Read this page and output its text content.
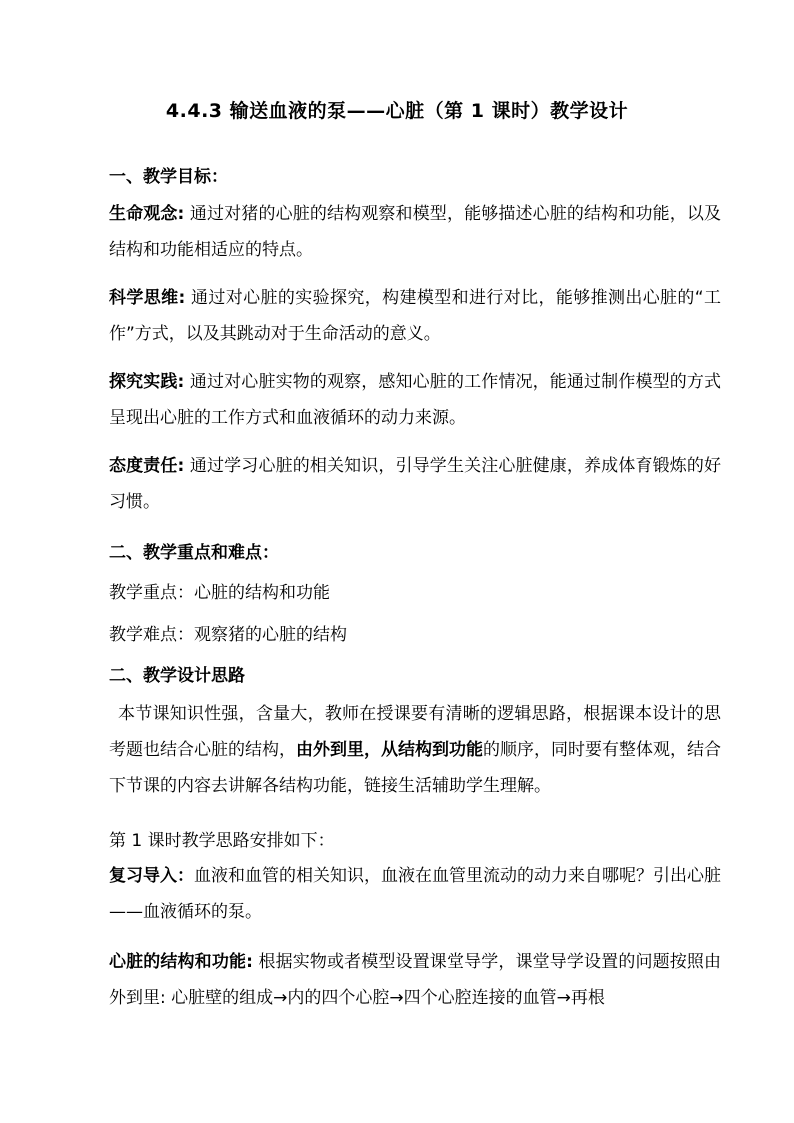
4.4.3 输送血液的泵——心脏（第 1 课时）教学设计
一、教学目标：
生命观念: 通过对猪的心脏的结构观察和模型，能够描述心脏的结构和功能，以及结构和功能相适应的特点。
科学思维: 通过对心脏的实验探究，构建模型和进行对比，能够推测出心脏的“工作”方式，以及其跳动对于生命活动的意义。
探究实践: 通过对心脏实物的观察，感知心脏的工作情况，能通过制作模型的方式呈现出心脏的工作方式和血液循环的动力来源。
态度责任: 通过学习心脏的相关知识，引导学生关注心脏健康，养成体育锻炼的好习惯。
二、教学重点和难点：
教学重点：心脏的结构和功能
教学难点：观察猪的心脏的结构
二、教学设计思路
本节课知识性强，含量大，教师在授课要有清晰的逻辑思路，根据课本设计的思考题也结合心脏的结构，由外到里，从结构到功能的顺序，同时要有整体观，结合下节课的内容去讲解各结构功能，链接生活辅助学生理解。
第 1 课时教学思路安排如下：
复习导入：血液和血管的相关知识，血液在血管里流动的动力来自哪呢？引出心脏——血液循环的泵。
心脏的结构和功能: 根据实物或者模型设置课堂导学，课堂导学设置的问题按照由外到里: 心脏壁的组成→内的四个心腔→四个心腔连接的血管→再根
